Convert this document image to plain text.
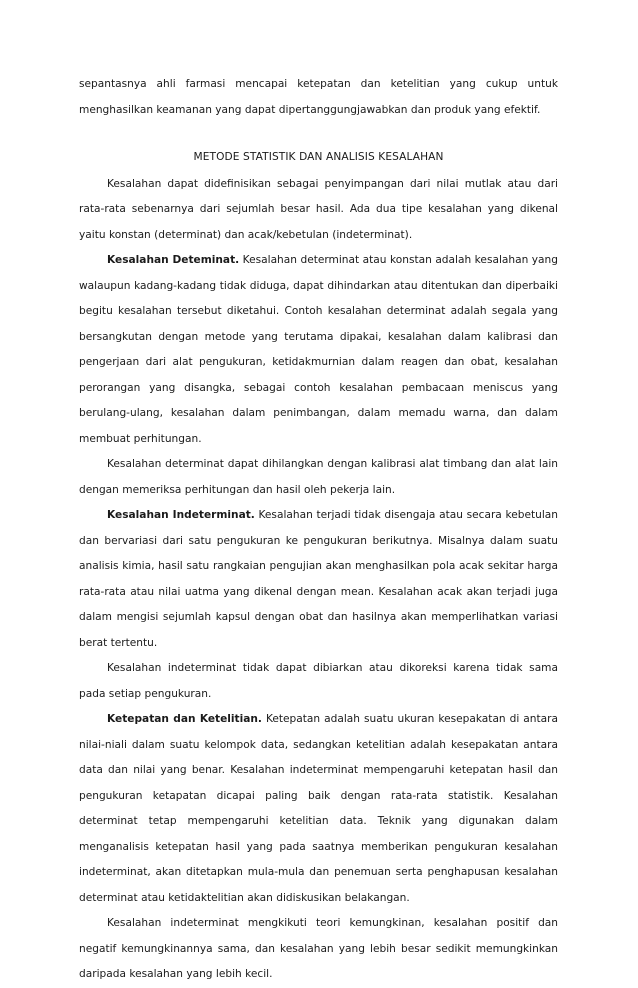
sepantasnya ahli farmasi mencapai ketepatan dan ketelitian yang cukup untuk menghasilkan keamanan yang dapat dipertanggungjawabkan dan produk yang efektif.

METODE STATISTIK DAN ANALISIS KESALAHAN

Kesalahan dapat didefinisikan sebagai penyimpangan dari nilai mutlak atau dari rata-rata sebenarnya dari sejumlah besar hasil. Ada dua tipe kesalahan yang dikenal yaitu konstan (determinat) dan acak/kebetulan (indeterminat).

Kesalahan Deteminat. Kesalahan determinat atau konstan adalah kesalahan yang walaupun kadang-kadang tidak diduga, dapat dihindarkan atau ditentukan dan diperbaiki begitu kesalahan tersebut diketahui. Contoh kesalahan determinat adalah segala yang bersangkutan dengan metode yang terutama dipakai, kesalahan dalam kalibrasi dan pengerjaan dari alat pengukuran, ketidakmurnian dalam reagen dan obat, kesalahan perorangan yang disangka, sebagai contoh kesalahan pembacaan meniscus yang berulang-ulang, kesalahan dalam penimbangan, dalam memadu warna, dan dalam membuat perhitungan.

Kesalahan determinat dapat dihilangkan dengan kalibrasi alat timbang dan alat lain dengan memeriksa perhitungan dan hasil oleh pekerja lain.

Kesalahan Indeterminat. Kesalahan terjadi tidak disengaja atau secara kebetulan dan bervariasi dari satu pengukuran ke pengukuran berikutnya. Misalnya dalam suatu analisis kimia, hasil satu rangkaian pengujian akan menghasilkan pola acak sekitar harga rata-rata atau nilai uatma yang dikenal dengan mean. Kesalahan acak akan terjadi juga dalam mengisi sejumlah kapsul dengan obat dan hasilnya akan memperlihatkan variasi berat tertentu.

Kesalahan indeterminat tidak dapat dibiarkan atau dikoreksi karena tidak sama pada setiap pengukuran.

Ketepatan dan Ketelitian. Ketepatan adalah suatu ukuran kesepakatan di antara nilai-niali dalam suatu kelompok data, sedangkan ketelitian adalah kesepakatan antara data dan nilai yang benar. Kesalahan indeterminat mempengaruhi ketepatan hasil dan pengukuran ketapatan dicapai paling baik dengan rata-rata statistik. Kesalahan determinat tetap mempengaruhi ketelitian data. Teknik yang digunakan dalam menganalisis ketepatan hasil yang pada saatnya memberikan pengukuran kesalahan indeterminat, akan ditetapkan mula-mula dan penemuan serta penghapusan kesalahan determinat atau ketidaktelitian akan didiskusikan belakangan.

Kesalahan indeterminat mengkikuti teori kemungkinan, kesalahan positif dan negatif kemungkinannya sama, dan kesalahan yang lebih besar sedikit memungkinkan daripada kesalahan yang lebih kecil.
